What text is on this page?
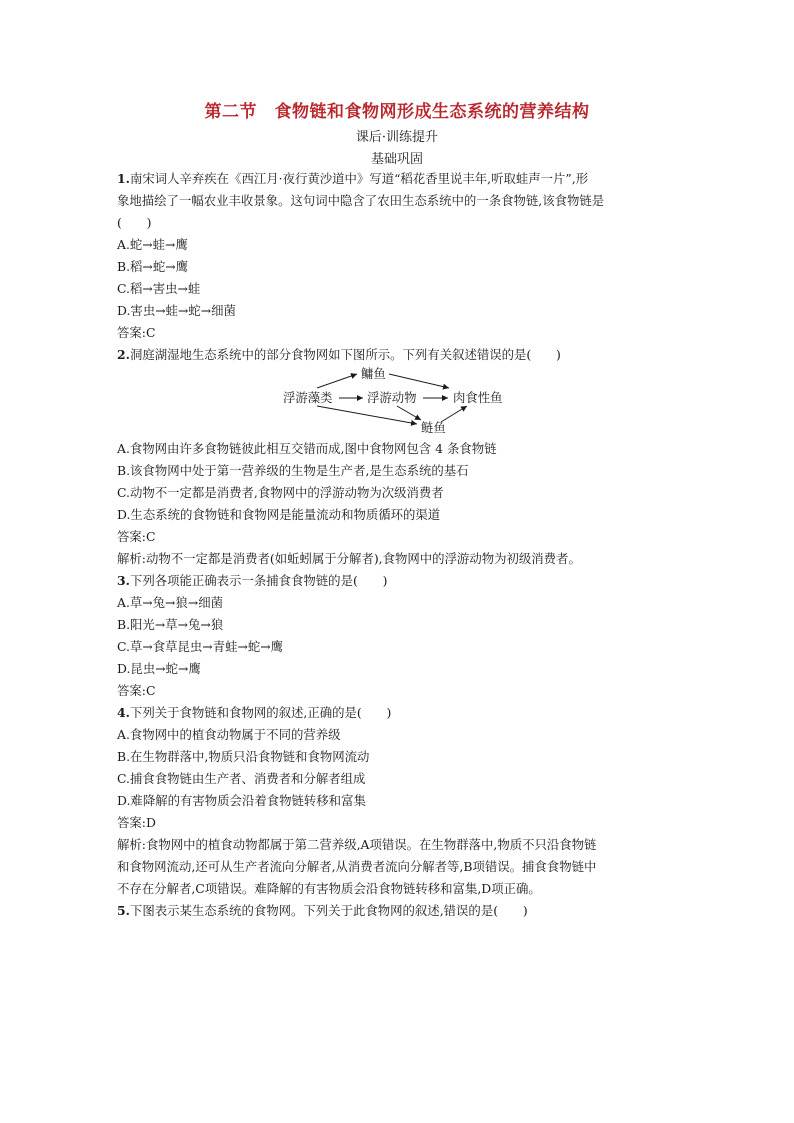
第二节　食物链和食物网形成生态系统的营养结构
课后·训练提升
基础巩固
1.南宋词人辛弃疾在《西江月·夜行黄沙道中》写道“稻花香里说丰年,听取蛙声一片”,形
象地描绘了一幅农业丰收景象。这句词中隐含了农田生态系统中的一条食物链,该食物链是
(　　)
A.蛇→蛙→鹰
B.稻→蛇→鹰
C.稻→害虫→蛙
D.害虫→蛙→蛇→细菌
答案:C
2.洞庭湖湿地生态系统中的部分食物网如下图所示。下列有关叙述错误的是(　　)
浮游藻类	浮游动物
鳙鱼
鲢鱼
肉食性鱼
A.食物网由许多食物链彼此相互交错而成,图中食物网包含 4 条食物链
B.该食物网中处于第一营养级的生物是生产者,是生态系统的基石
C.动物不一定都是消费者,食物网中的浮游动物为次级消费者
D.生态系统的食物链和食物网是能量流动和物质循环的渠道
答案:C
解析:动物不一定都是消费者(如蚯蚓属于分解者),食物网中的浮游动物为初级消费者。
3.下列各项能正确表示一条捕食食物链的是(　　)
A.草→兔→狼→细菌
B.阳光→草→兔→狼
C.草→食草昆虫→青蛙→蛇→鹰
D.昆虫→蛇→鹰
答案:C
4.下列关于食物链和食物网的叙述,正确的是(　　)
A.食物网中的植食动物属于不同的营养级
B.在生物群落中,物质只沿食物链和食物网流动
C.捕食食物链由生产者、消费者和分解者组成
D.难降解的有害物质会沿着食物链转移和富集
答案:D
解析:食物网中的植食动物都属于第二营养级,A项错误。在生物群落中,物质不只沿食物链
和食物网流动,还可从生产者流向分解者,从消费者流向分解者等,B项错误。捕食食物链中
不存在分解者,C项错误。难降解的有害物质会沿食物链转移和富集,D项正确。
5.下图表示某生态系统的食物网。下列关于此食物网的叙述,错误的是(　　)
